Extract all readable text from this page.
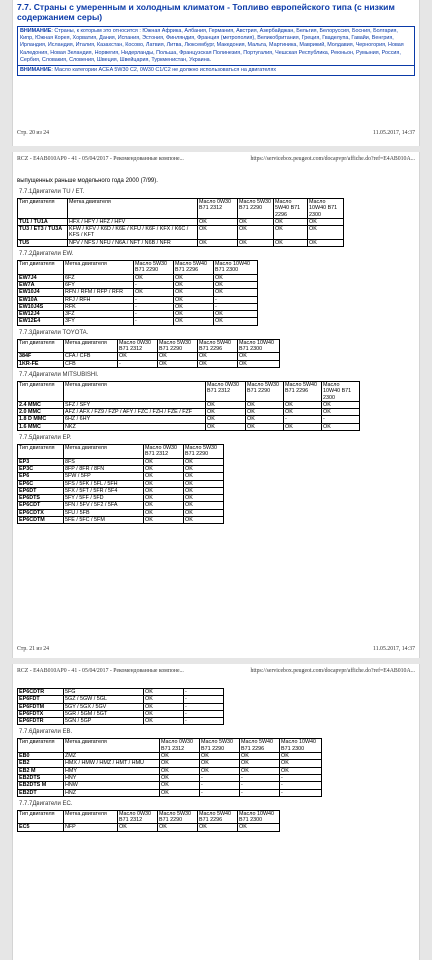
7.7. Страны с умеренным и холодным климатом - Топливо европейского типа (с низким содержанием серы)
ВНИМАНИЕ: Страны, к которым это относится : Южная Африка, Албания, Германия, Австрия, Азербайджан, Бельгия, Белоруссия, Босния, Болгария, Кипр, Южная Корея, Хорватия, Дания, Испания, Эстония, Финляндия, Франция (метрополия), Великобритания, Греция, Гваделупа, Гавайи, Венгрия, Ирландия, Исландия, Италия, Казахстан, Косово, Латвия, Литва, Люксембург, Македония, Мальта, Мартиника, Маврикий, Молдавия, Черногория, Новая Каледония, Новая Зеландия, Норвегия, Нидерланды, Польша, Французская Полинезия, Португалия, Чешская Республика, Реюньон, Румыния, Россия, Сербия, Словакия, Словения, Швеция, Швейцария, Туркменистан, Украина.
ВНИМАНИЕ: Масло категории ACEA 5W30 C2, 0W30 C1/C2 не должно использоваться на двигателях
Стр. 20 из 24	11.05.2017, 14:37
RCZ - E4AB010AP0 - 41 - 05/04/2017 - Рекомендованные компоне...	https://servicebox.peugeot.com/docapvpr/affiche.do?ref=E4AB010A...
выпущенных раньше модельного года 2000 (7/99).
7.7.1Двигатели TU / ET.
Тип двигателя	Метка двигателя	Масло 0W30 B71 2312	Масло 5W30 B71 2290	Масло 5W40 B71 2296	Масло 10W40 B71 2300
TU1 / TU1A	HFX / HFY / HFZ / HFV	OK	OK	OK	OK
TU3 / ET3 / TU3A	KFW / KFV / K6D / K6E / KFU / K6F / KFX / K6C / KFS / KFT	OK	OK	OK	OK
TU5	NFV / NFS / NFU / N6A / NFT / N6B / NFR	OK	OK	OK	OK
7.7.2Двигатели EW.
Тип двигателя	Метка двигателя	Масло 5W30 B71 2290	Масло 5W40 B71 2296	Масло 10W40 B71 2300
EW7J4	6FZ	OK	OK	OK
EW7A	6FY	-	OK	OK
EW10J4	RFN / RFM / RFP / RFR	OK	OK	OK
EW10A	RFJ / RFH	-	OK	-
EW10J4S	RFK	-	OK	-
EW12J4	3FZ	-	OK	OK
EW12E4	3FY	-	OK	OK
7.7.3Двигатели TOYOTA.
Тип двигателя	Метка двигателя	Масло 0W30 B71 2312	Масло 5W30 B71 2290	Масло 5W40 B71 2296	Масло 10W40 B71 2300
384F	CFA / CFB	OK	OK	OK	OK
1KR-FE	CFB	-	OK	OK	OK
7.7.4Двигатели MITSUBISHI.
Тип двигателя	Метка двигателя	Масло 0W30 B71 2312	Масло 5W30 B71 2290	Масло 5W40 B71 2296	Масло 10W40 B71 2300
2.4 MMC	SFZ / SFY	OK	OK	OK	OK
2.0 MMC	AFZ / AFX / FZ9 / FZP / AFY / FZC / FZH / FZE / FZF	OK	OK	OK	OK
1.8 D MMC	6HZ / 6HY	OK	OK	-	-
1.6 MMC	NKZ	OK	OK	OK	OK
7.7.5Двигатели EP.
Тип двигателя	Метка двигателя	Масло 0W30 B71 2312	Масло 5W30 B71 2290
EP3	8FS	OK	OK
EP3C	8FP / 8FR / 8FN	OK	OK
EP6	5FW / 5FP	OK	OK
EP6C	5FS / 5FK / 5FL / 5FH	OK	OK
EP6DT	5FX / 5FT / 5FR / 5F4	OK	OK
EP6DTS	5FY / 5FF / 5FD	OK	OK
EP6CDT	5FN / 5FV / 5F2 / 5FA	OK	OK
EP6CDTX	5FU / 5FB	OK	OK
EP6CDTM	5FE / 5FC / 5FM	OK	OK
Стр. 21 из 24	11.05.2017, 14:37
RCZ - E4AB010AP0 - 41 - 05/04/2017 - Рекомендованные компоне...	https://servicebox.peugeot.com/docapvpr/affiche.do?ref=E4AB010A...
EP6CDTR	5FG	OK	-
EP6FDT	5GZ / 5GW / 5GL	OK	-
EP6FDTM	5GY / 5GX / 5GV	OK	-
EP6FDTX	5GR / 5GM / 5GT	OK	-
EP6FDTR	5GN / 5GP	OK	-
7.7.6Двигатели EB.
Тип двигателя	Метка двигателя	Масло 0W30 B71 2312	Масло 5W30 B71 2290	Масло 5W40 B71 2296	Масло 10W40 B71 2300
EB0	ZMZ	OK	OK	OK	OK
EB2	HMX / HMW / HMZ / HMT / HMU	OK	OK	OK	OK
EB2 M	HMY	OK	OK	OK	OK
EB2DTS	HNY	OK	-	-	-
EB2DTS M	HNW	OK	-	-	-
EB2DT	HNZ	OK	-	-	-
7.7.7Двигатели EC.
Тип двигателя	Метка двигателя	Масло 0W30 B71 2312	Масло 5W30 B71 2290	Масло 5W40 B71 2296	Масло 10W40 B71 2300
EC5	NFP	OK	OK	OK	OK
